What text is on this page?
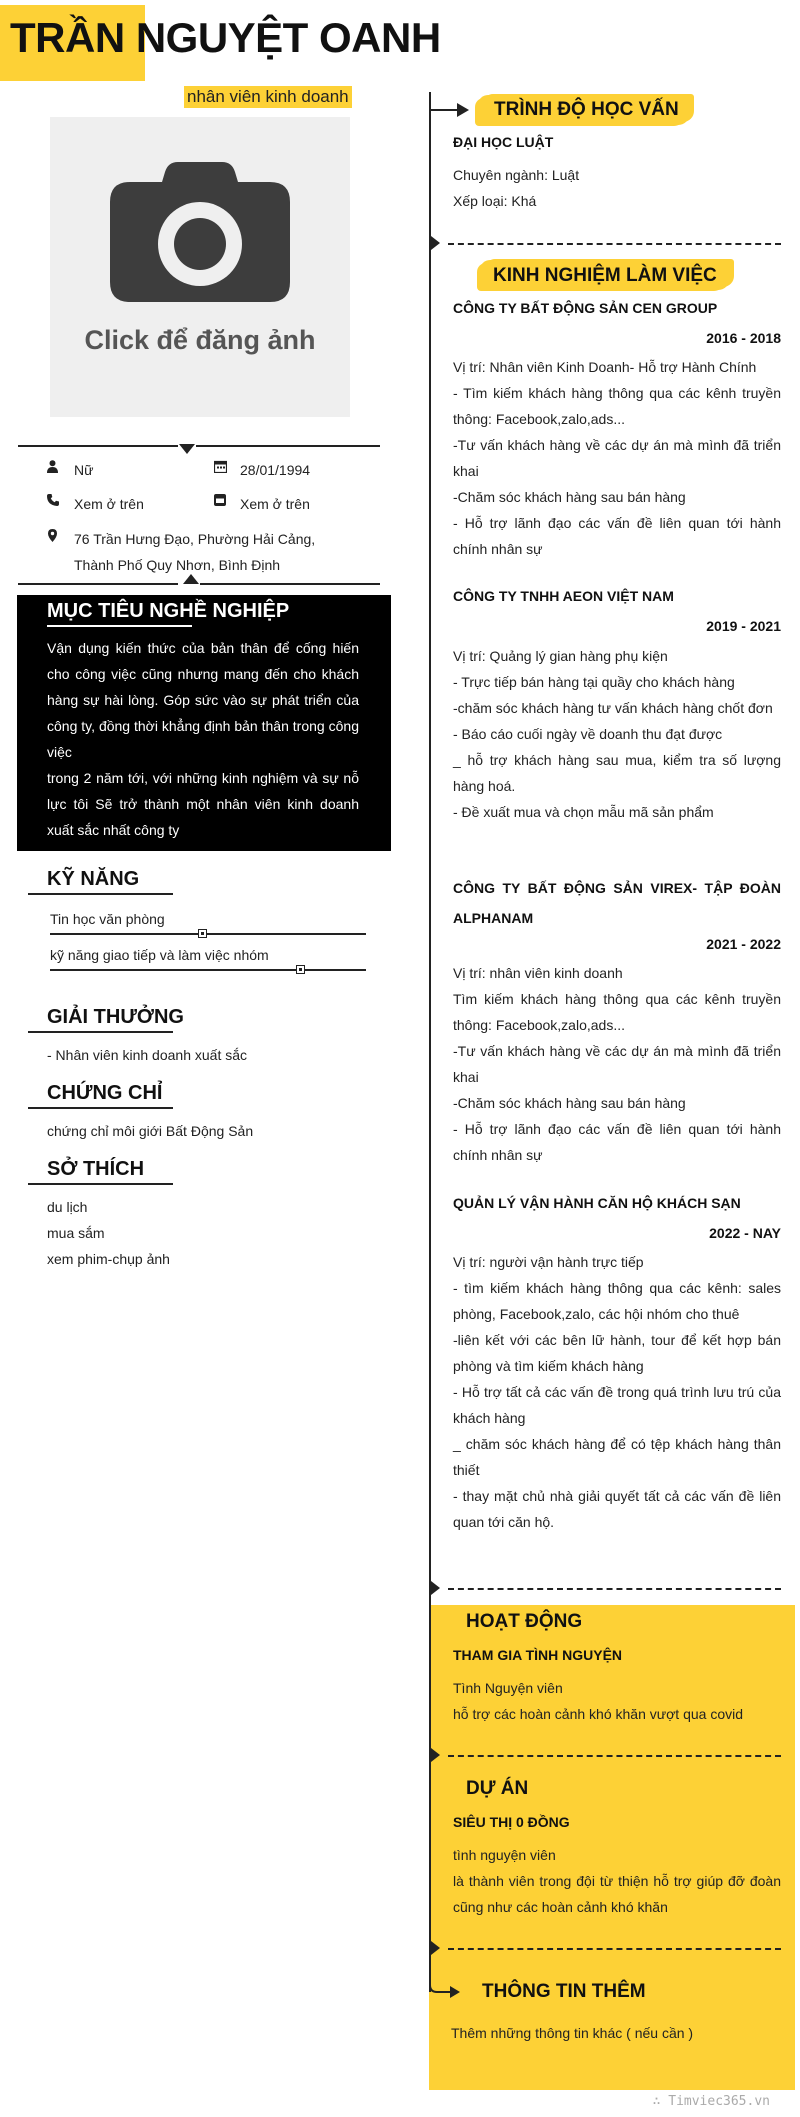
TRẦN NGUYỆT OANH
nhân viên kinh doanh
Click để đăng ảnh
Nữ	28/01/1994
Xem ở trên	Xem ở trên
76 Trần Hưng Đạo, Phường Hải Cảng,
Thành Phố Quy Nhơn, Bình Định
MỤC TIÊU NGHỀ NGHIỆP
Vận dụng kiến thức của bản thân để cống hiến cho công việc cũng nhưng mang đến cho khách hàng sự hài lòng. Góp sức vào sự phát triển của công ty, đồng thời khẳng định bản thân trong công việc
trong 2 năm tới, với những kinh nghiệm và sự nỗ lực tôi Sẽ trở thành một nhân viên kinh doanh xuất sắc nhất công ty
KỸ NĂNG
Tin học văn phòng
kỹ năng giao tiếp và làm việc nhóm
GIẢI THƯỞNG
- Nhân viên kinh doanh xuất sắc
CHỨNG CHỈ
chứng chỉ môi giới Bất Động Sản
SỞ THÍCH
du lịch
mua sắm
xem phim-chụp ảnh
TRÌNH ĐỘ HỌC VẤN
ĐẠI HỌC LUẬT
Chuyên ngành: Luật
Xếp loại: Khá
KINH NGHIỆM LÀM VIỆC
CÔNG TY BẤT ĐỘNG SẢN CEN GROUP
2016 - 2018
Vị trí: Nhân viên Kinh Doanh- Hỗ trợ Hành Chính
- Tìm kiếm khách hàng thông qua các kênh truyền thông: Facebook,zalo,ads...
-Tư vấn khách hàng về các dự án mà mình đã triển khai
-Chăm sóc khách hàng sau bán hàng
- Hỗ trợ lãnh đạo các vấn đề liên quan tới hành chính nhân sự
CÔNG TY TNHH AEON VIỆT NAM
2019 - 2021
Vị trí: Quảng lý gian hàng phụ kiện
- Trực tiếp bán hàng tại quầy cho khách hàng
-chăm sóc khách hàng tư vấn khách hàng chốt đơn
- Báo cáo cuối ngày về doanh thu đạt được
_ hỗ trợ khách hàng sau mua, kiểm tra số lượng hàng hoá.
- Đề xuất mua và chọn mẫu mã sản phẩm
CÔNG TY BẤT ĐỘNG SẢN VIREX- TẬP ĐOÀN ALPHANAM
2021 - 2022
Vị trí: nhân viên kinh doanh
Tìm kiếm khách hàng thông qua các kênh truyền thông: Facebook,zalo,ads...
-Tư vấn khách hàng về các dự án mà mình đã triển khai
-Chăm sóc khách hàng sau bán hàng
- Hỗ trợ lãnh đạo các vấn đề liên quan tới hành chính nhân sự
QUẢN LÝ VẬN HÀNH CĂN HỘ KHÁCH SẠN
2022 - NAY
Vị trí: người vận hành trực tiếp
- tìm kiếm khách hàng thông qua các kênh: sales phòng, Facebook,zalo, các hội nhóm cho thuê
-liên kết với các bên lữ hành, tour để kết hợp bán phòng và tìm kiếm khách hàng
- Hỗ trợ tất cả các vấn đề trong quá trình lưu trú của khách hàng
_ chăm sóc khách hàng để có tệp khách hàng thân thiết
- thay mặt chủ nhà giải quyết tất cả các vấn đề liên quan tới căn hộ.
HOẠT ĐỘNG
THAM GIA TÌNH NGUYỆN
Tình Nguyện viên
hỗ trợ các hoàn cảnh khó khăn vượt qua covid
DỰ ÁN
SIÊU THỊ 0 ĐỒNG
tình nguyện viên
là thành viên trong đội từ thiện hỗ trợ giúp đỡ đoàn cũng như các hoàn cảnh khó khăn
THÔNG TIN THÊM
Thêm những thông tin khác ( nếu cần )
∴ Timviec365.vn
